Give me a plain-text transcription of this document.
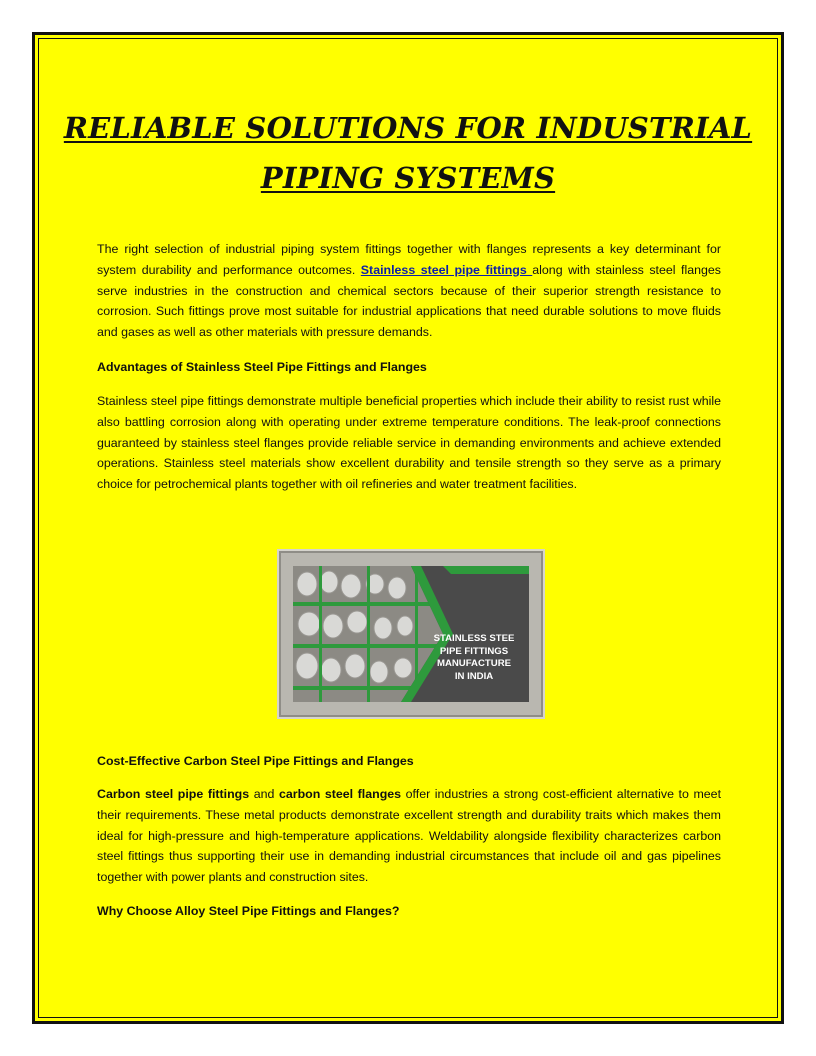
RELIABLE SOLUTIONS FOR INDUSTRIAL
PIPING SYSTEMS

The right selection of industrial piping system fittings together with flanges represents a key determinant for system durability and performance outcomes. Stainless steel pipe fittings along with stainless steel flanges serve industries in the construction and chemical sectors because of their superior strength resistance to corrosion. Such fittings prove most suitable for industrial applications that need durable solutions to move fluids and gases as well as other materials with pressure demands.

Advantages of Stainless Steel Pipe Fittings and Flanges

Stainless steel pipe fittings demonstrate multiple beneficial properties which include their ability to resist rust while also battling corrosion along with operating under extreme temperature conditions. The leak-proof connections guaranteed by stainless steel flanges provide reliable service in demanding environments and achieve extended operations. Stainless steel materials show excellent durability and tensile strength so they serve as a primary choice for petrochemical plants together with oil refineries and water treatment facilities.

STAINLESS STEE
PIPE FITTINGS
MANUFACTURE
IN INDIA

Cost-Effective Carbon Steel Pipe Fittings and Flanges

Carbon steel pipe fittings and carbon steel flanges offer industries a strong cost-efficient alternative to meet their requirements. These metal products demonstrate excellent strength and durability traits which makes them ideal for high-pressure and high-temperature applications. Weldability alongside flexibility characterizes carbon steel fittings thus supporting their use in demanding industrial circumstances that include oil and gas pipelines together with power plants and construction sites.

Why Choose Alloy Steel Pipe Fittings and Flanges?
